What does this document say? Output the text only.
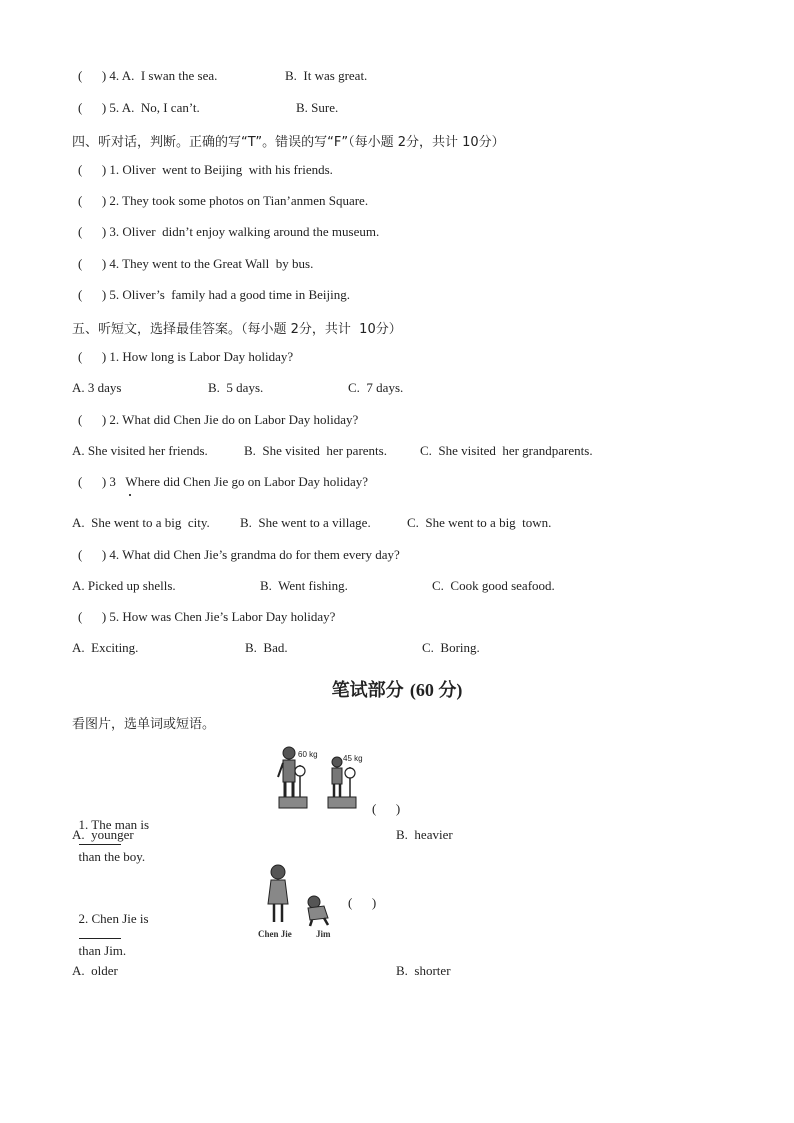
(      ) 4. A.  I swan the sea.	B.  It was great.
(      ) 5. A.  No, I can’t.	B. Sure.
四、听对话，判断。正确的写“T”。错误的写“F”（每小题 2分，共计 10分）
(      ) 1. Oliver  went to Beijing  with his friends.
(      ) 2. They took some photos on Tian’anmen Square.
(      ) 3. Oliver  didn’t enjoy walking around the museum.
(      ) 4. They went to the Great Wall  by bus.
(      ) 5. Oliver’s  family had a good time in Beijing.
五、听短文，选择最佳答案。（每小题 2分，共计  10分）
(      ) 1. How long is Labor Day holiday?
A. 3 days	B.  5 days.	C.  7 days.
(      ) 2. What did Chen Jie do on Labor Day holiday?
A. She visited her friends.	B.  She visited  her parents.	C.  She visited  her grandparents.
(      ) 3   Where did Chen Jie go on Labor Day holiday?
A.  She went to a big  city. B.  She went to a village.	C.  She went to a big  town.
(      ) 4. What did Chen Jie’s grandma do for them every day?
A. Picked up shells.	B.  Went fishing.	C.  Cook good seafood.
(      ) 5. How was Chen Jie’s Labor Day holiday?
A.  Exciting.	B.  Bad.	C.  Boring.
笔试部分 (60 分)
看图片，选单词或短语。
60 kg	45 kg

1. The man is

than the boy.

(      )
A.  younger	B.  heavier
Chen Jie	Jim

2. Chen Jie is

than Jim.

(      )
A.  older	B.  shorter
